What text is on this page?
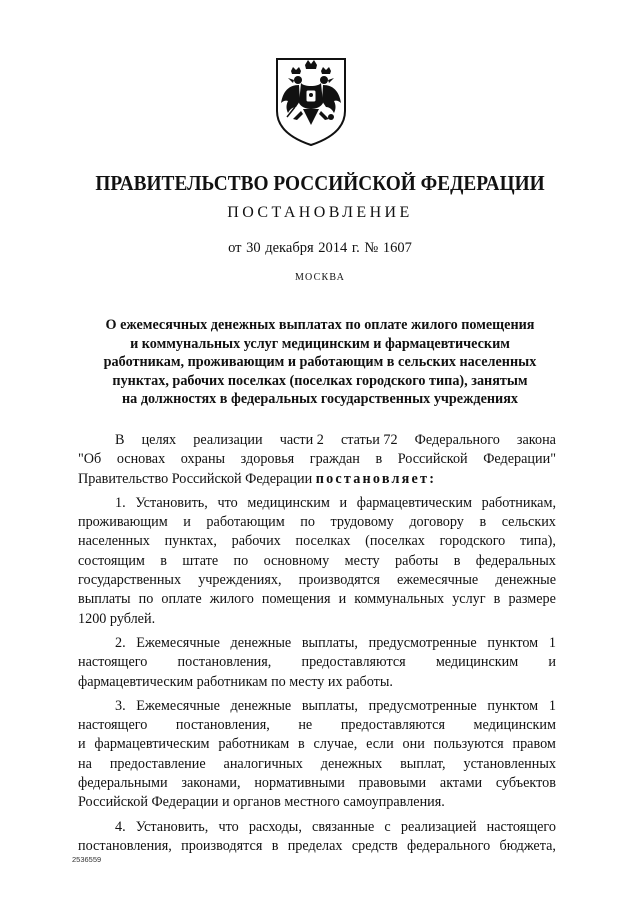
ПРАВИТЕЛЬСТВО РОССИЙСКОЙ ФЕДЕРАЦИИ
ПОСТАНОВЛЕНИЕ
от 30 декабря 2014 г. № 1607
МОСКВА
О ежемесячных денежных выплатах по оплате жилого помещения
и коммунальных услуг медицинским и фармацевтическим
работникам, проживающим и работающим в сельских населенных
пунктах, рабочих поселках (поселках городского типа), занятым
на должностях в федеральных государственных учреждениях
В целях реализации части 2 статьи 72 Федерального закона
"Об основах охраны здоровья граждан в Российской Федерации"
Правительство Российской Федерации
постановляет:
1. Установить, что медицинским и фармацевтическим работникам,
проживающим и работающим по трудовому договору в сельских
населенных пунктах, рабочих поселках (поселках городского типа),
состоящим в штате по основному месту работы в федеральных
государственных учреждениях, производятся ежемесячные денежные
выплаты по оплате жилого помещения и коммунальных услуг в размере
1200 рублей.
2. Ежемесячные денежные выплаты, предусмотренные пунктом 1
настоящего постановления, предоставляются медицинским и
фармацевтическим работникам по месту их работы.
3. Ежемесячные денежные выплаты, предусмотренные пунктом 1
настоящего постановления, не предоставляются медицинским
и фармацевтическим работникам в случае, если они пользуются правом
на предоставление аналогичных денежных выплат, установленных
федеральными законами, нормативными правовыми актами субъектов
Российской Федерации и органов местного самоуправления.
4. Установить, что расходы, связанные с реализацией настоящего
постановления, производятся в пределах средств федерального бюджета,
2536559
